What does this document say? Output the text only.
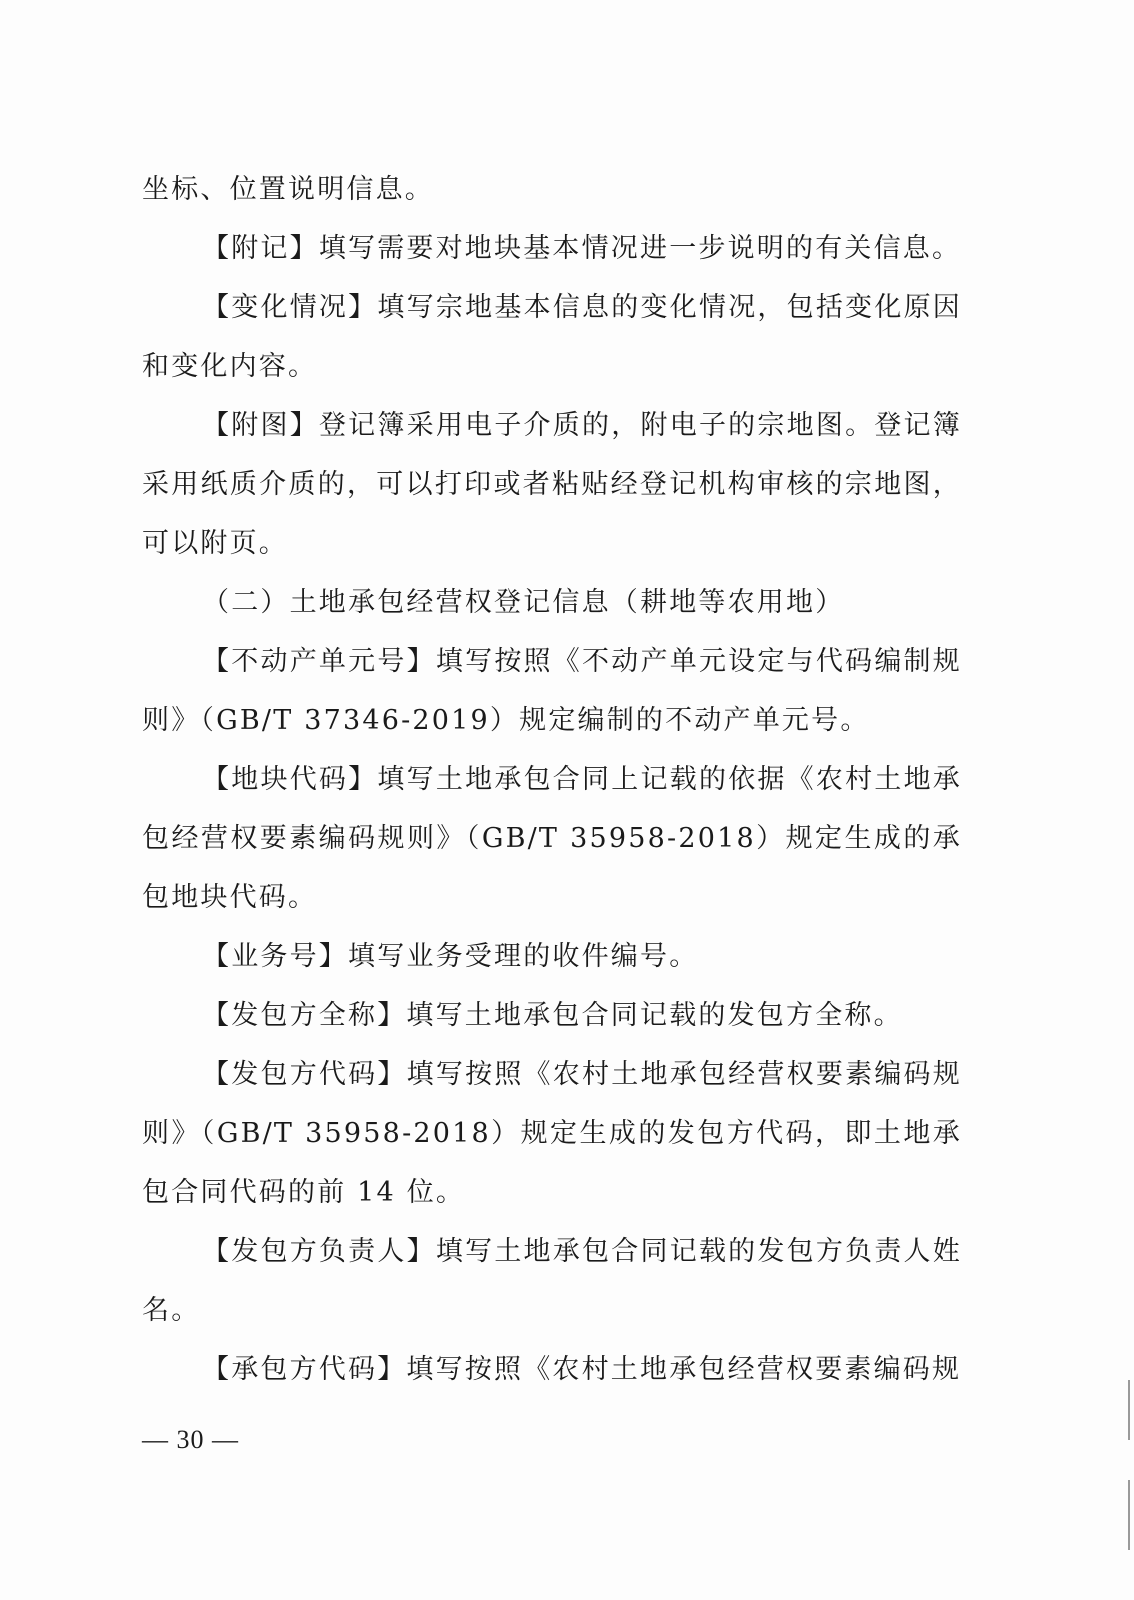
坐标、位置说明信息。

【附记】填写需要对地块基本情况进一步说明的有关信息。

【变化情况】填写宗地基本信息的变化情况，包括变化原因和变化内容。

【附图】登记簿采用电子介质的，附电子的宗地图。登记簿采用纸质介质的，可以打印或者粘贴经登记机构审核的宗地图，可以附页。

（二）土地承包经营权登记信息（耕地等农用地）

【不动产单元号】填写按照《不动产单元设定与代码编制规则》（GB/T 37346-2019）规定编制的不动产单元号。

【地块代码】填写土地承包合同上记载的依据《农村土地承包经营权要素编码规则》（GB/T 35958-2018）规定生成的承包地块代码。

【业务号】填写业务受理的收件编号。

【发包方全称】填写土地承包合同记载的发包方全称。

【发包方代码】填写按照《农村土地承包经营权要素编码规则》（GB/T 35958-2018）规定生成的发包方代码，即土地承包合同代码的前 14 位。

【发包方负责人】填写土地承包合同记载的发包方负责人姓名。

【承包方代码】填写按照《农村土地承包经营权要素编码规

— 30 —
